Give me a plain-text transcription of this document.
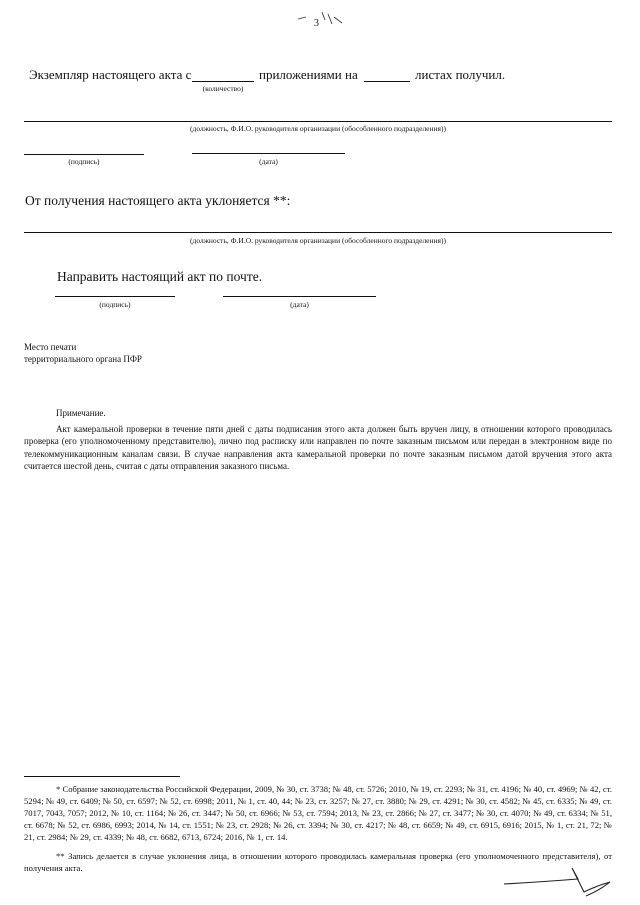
3
Экземпляр настоящего акта с
(количество)
приложениями на	листах получил.
(должность, Ф.И.О. руководителя организации (обособленного подразделения))
(подпись)	(дата)
От получения настоящего акта уклоняется **:
(должность, Ф.И.О. руководителя организации (обособленного подразделения))
Направить настоящий акт по почте.
(подпись)	(дата)
Место печати
территориального органа ПФР
Примечание.
Акт камеральной проверки в течение пяти дней с даты подписания этого акта должен быть вручен лицу, в отношении которого проводилась проверка (его уполномоченному представителю), лично под расписку или направлен по почте заказным письмом или передан в электронном виде по телекоммуникационным каналам связи. В случае направления акта камеральной проверки по почте заказным письмом датой вручения этого акта считается шестой день, считая с даты отправления заказного письма.
* Собрание законодательства Российской Федерации, 2009, № 30, ст. 3738; № 48, ст. 5726; 2010, № 19, ст. 2293; № 31, ст. 4196; № 40, ст. 4969; № 42, ст. 5294; № 49, ст. 6409; № 50, ст. 6597; № 52, ст. 6998; 2011, № 1, ст. 40, 44; № 23, ст. 3257; № 27, ст. 3880; № 29, ст. 4291; № 30, ст. 4582; № 45, ст. 6335; № 49, ст. 7017, 7043, 7057; 2012, № 10, ст. 1164; № 26, ст. 3447; № 50, ст. 6966; № 53, ст. 7594; 2013, № 23, ст. 2866; № 27, ст. 3477; № 30, ст. 4070; № 49, ст. 6334; № 51, ст. 6678; № 52, ст. 6986, 6993; 2014, № 14, ст. 1551; № 23, ст. 2928; № 26, ст. 3394; № 30, ст. 4217; № 48, ст. 6659; № 49, ст. 6915, 6916; 2015, № 1, ст. 21, 72; № 21, ст. 2984; № 29, ст. 4339; № 48, ст. 6682, 6713, 6724; 2016, № 1, ст. 14.
** Запись делается в случае уклонения лица, в отношении которого проводилась камеральная проверка (его уполномоченного представителя), от получения акта.
